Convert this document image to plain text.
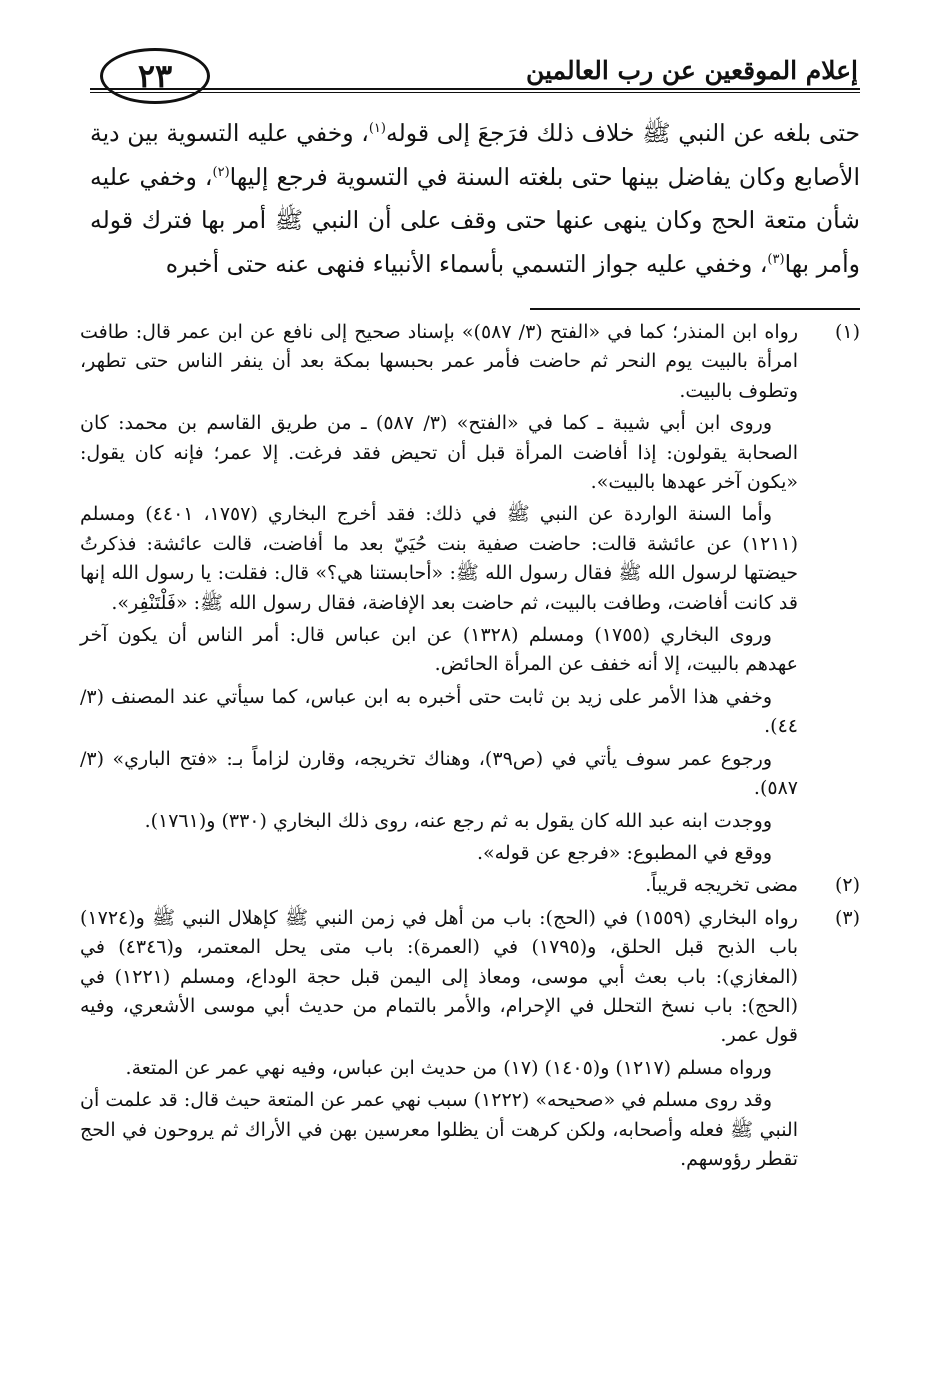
إعلام الموقعين عن رب العالمين
٢٣

حتى بلغه عن النبي ﷺ خلاف ذلك فرَجعَ إلى قوله$^{(١)}$، وخفي عليه التسوية بين دية الأصابع وكان يفاضل بينها حتى بلغته السنة في التسوية فرجع إليها$^{(٢)}$، وخفي عليه شأن متعة الحج وكان ينهى عنها حتى وقف على أن النبي ﷺ أمر بها فترك قوله وأمر بها$^{(٣)}$، وخفي عليه جواز التسمي بأسماء الأنبياء فنهى عنه حتى أخبره

(١)

رواه ابن المنذر؛ كما في «الفتح (٣/ ٥٨٧)» بإسناد صحيح إلى نافع عن ابن عمر قال: طافت امرأة بالبيت يوم النحر ثم حاضت فأمر عمر بحبسها بمكة بعد أن ينفر الناس حتى تطهر، وتطوف بالبيت.

وروى ابن أبي شيبة ـ كما في «الفتح» (٣/ ٥٨٧) ـ من طريق القاسم بن محمد: كان الصحابة يقولون: إذا أفاضت المرأة قبل أن تحيض فقد فرغت. إلا عمر؛ فإنه كان يقول: «يكون آخر عهدها بالبيت».

وأما السنة الواردة عن النبي ﷺ في ذلك: فقد أخرج البخاري (١٧٥٧، ٤٤٠١) ومسلم (١٢١١) عن عائشة قالت: حاضت صفية بنت حُيَيّ بعد ما أفاضت، قالت عائشة: فذكرتُ حيضتها لرسول الله ﷺ فقال رسول الله ﷺ: «أحابستنا هي؟» قال: فقلت: يا رسول الله إنها قد كانت أفاضت، وطافت بالبيت، ثم حاضت بعد الإفاضة، فقال رسول الله ﷺ: «فَلْتَنْفِر».

وروى البخاري (١٧٥٥) ومسلم (١٣٢٨) عن ابن عباس قال: أمر الناس أن يكون آخر عهدهم بالبيت، إلا أنه خفف عن المرأة الحائض.

وخفي هذا الأمر على زيد بن ثابت حتى أخبره به ابن عباس، كما سيأتي عند المصنف (٣/ ٤٤).

ورجوع عمر سوف يأتي في (ص٣٩)، وهناك تخريجه، وقارن لزاماً بـ: «فتح الباري» (٣/ ٥٨٧).

ووجدت ابنه عبد الله كان يقول به ثم رجع عنه، روى ذلك البخاري (٣٣٠) و(١٧٦١).

ووقع في المطبوع: «فرجع عن قوله».

(٢)

مضى تخريجه قريباً.

(٣)

رواه البخاري (١٥٥٩) في (الحج): باب من أهل في زمن النبي ﷺ كإهلال النبي ﷺ و(١٧٢٤) باب الذبح قبل الحلق، و(١٧٩٥) في (العمرة): باب متى يحل المعتمر، و(٤٣٤٦) في (المغازي): باب بعث أبي موسى، ومعاذ إلى اليمن قبل حجة الوداع، ومسلم (١٢٢١) في (الحج): باب نسخ التحلل في الإحرام، والأمر بالتمام من حديث أبي موسى الأشعري، وفيه قول عمر.

ورواه مسلم (١٢١٧) و(١٤٠٥) (١٧) من حديث ابن عباس، وفيه نهي عمر عن المتعة.

وقد روى مسلم في «صحيحه» (١٢٢٢) سبب نهي عمر عن المتعة حيث قال: قد علمت أن النبي ﷺ فعله وأصحابه، ولكن كرهت أن يظلوا معرسين بهن في الأراك ثم يروحون في الحج تقطر رؤوسهم.
